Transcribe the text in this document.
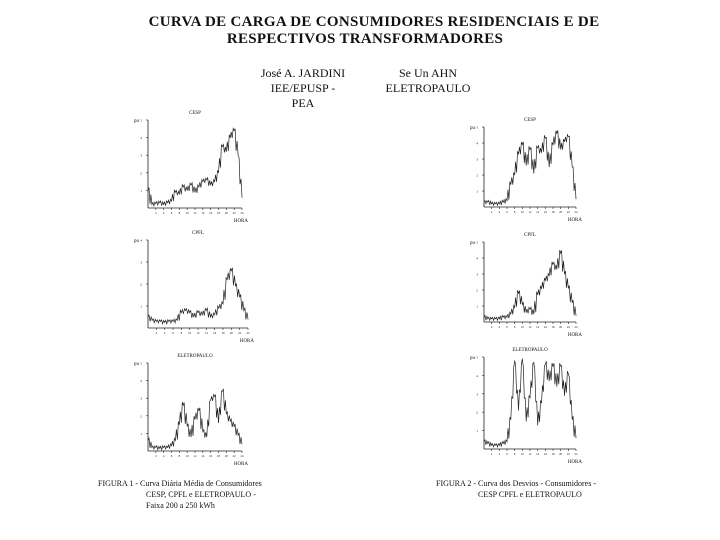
CURVA DE CARGA DE CONSUMIDORES RESIDENCIAIS E DE
RESPECTIVOS TRANSFORMADORES
José A. JARDINI
IEE/EPUSP - PEA
Se Un AHN
ELETROPAULO
CESP
pu
1
2
3
4
5
2 4 6 8 10 12 14 16 18 20 22 24
HORA
CPFL
pu
1
2
3
4
2 4 6 8 10 12 14 16 18 20 22 24
HORA
ELETROPAULO
pu
1
2
3
4
5
2 4 6 8 10 12 14 16 18 20 22 24
HORA
CESP
pu
1
2
3
4
5
2 4 6 8 10 12 14 16 18 20 22 24
HORA
CPFL
pu
1
2
3
4
5
2 4 6 8 10 12 14 16 18 20 22 24
HORA
ELETROPAULO
pu
1
2
3
4
5
2 4 6 8 10 12 14 16 18 20 22 24
HORA
FIGURA 1 - Curva Diária Média de Consumidores
CESP, CPFL e ELETROPAULO -
Faixa 200 a 250 kWh
FIGURA 2 - Curva dos Desvios - Consumidores -
CESP CPFL e ELETROPAULO
